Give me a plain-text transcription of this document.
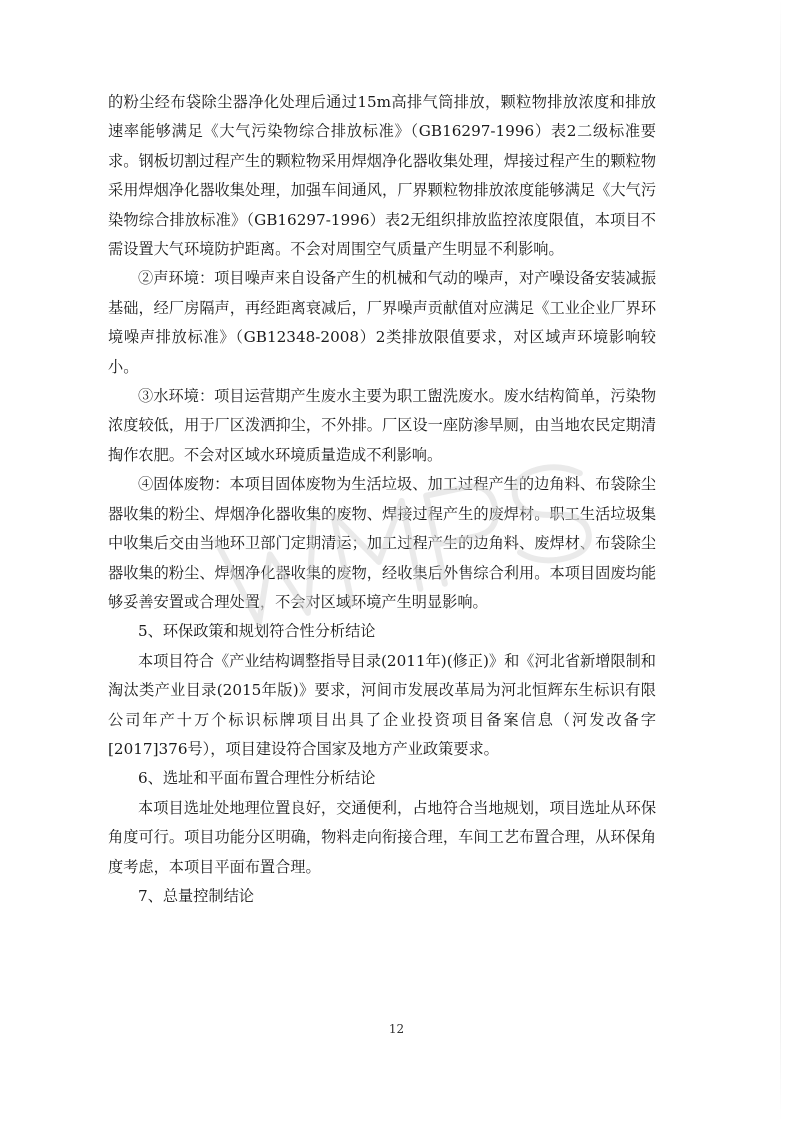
的粉尘经布袋除尘器净化处理后通过15m高排气筒排放，颗粒物排放浓度和排放速率能够满足《大气污染物综合排放标准》（GB16297-1996）表2二级标准要求。钢板切割过程产生的颗粒物采用焊烟净化器收集处理，焊接过程产生的颗粒物采用焊烟净化器收集处理，加强车间通风，厂界颗粒物排放浓度能够满足《大气污染物综合排放标准》（GB16297-1996）表2无组织排放监控浓度限值，本项目不需设置大气环境防护距离。不会对周围空气质量产生明显不利影响。

②声环境：项目噪声来自设备产生的机械和气动的噪声，对产噪设备安装减振基础，经厂房隔声，再经距离衰减后，厂界噪声贡献值对应满足《工业企业厂界环境噪声排放标准》（GB12348-2008）2类排放限值要求，对区域声环境影响较小。

③水环境：项目运营期产生废水主要为职工盥洗废水。废水结构简单，污染物浓度较低，用于厂区泼洒抑尘，不外排。厂区设一座防渗旱厕，由当地农民定期清掏作农肥。不会对区域水环境质量造成不利影响。

④固体废物：本项目固体废物为生活垃圾、加工过程产生的边角料、布袋除尘器收集的粉尘、焊烟净化器收集的废物、焊接过程产生的废焊材。职工生活垃圾集中收集后交由当地环卫部门定期清运；加工过程产生的边角料、废焊材、布袋除尘器收集的粉尘、焊烟净化器收集的废物，经收集后外售综合利用。本项目固废均能够妥善安置或合理处置，不会对区域环境产生明显影响。

5、环保政策和规划符合性分析结论

本项目符合《产业结构调整指导目录(2011年)(修正)》和《河北省新增限制和淘汰类产业目录(2015年版)》要求，河间市发展改革局为河北恒辉东生标识有限公司年产十万个标识标牌项目出具了企业投资项目备案信息（河发改备字[2017]376号），项目建设符合国家及地方产业政策要求。

6、选址和平面布置合理性分析结论

本项目选址处地理位置良好，交通便利，占地符合当地规划，项目选址从环保角度可行。项目功能分区明确，物料走向衔接合理，车间工艺布置合理，从环保角度考虑，本项目平面布置合理。

7、总量控制结论

12
